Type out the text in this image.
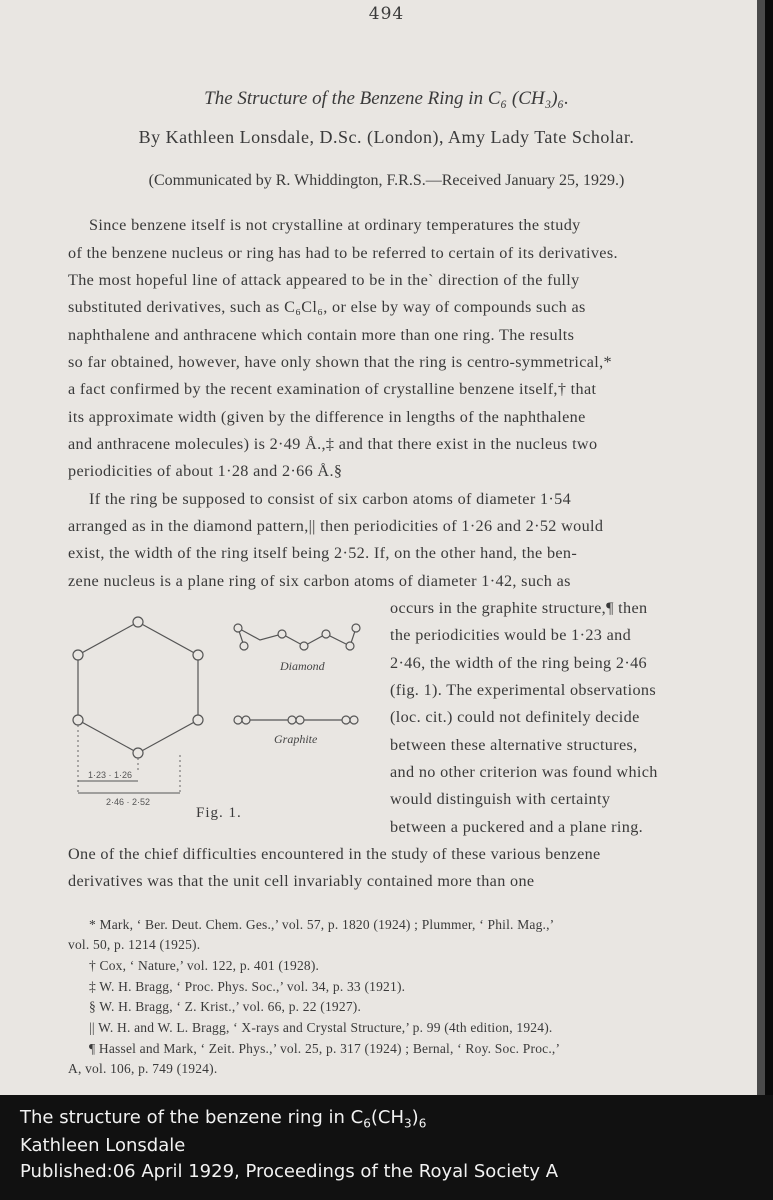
494
The Structure of the Benzene Ring in C₆ (CH₃)₆.
By Kathleen Lonsdale, D.Sc. (London), Amy Lady Tate Scholar.
(Communicated by R. Whiddington, F.R.S.—Received January 25, 1929.)
Since benzene itself is not crystalline at ordinary temperatures the study
of the benzene nucleus or ring has had to be referred to certain of its derivatives.
The most hopeful line of attack appeared to be in the` direction of the fully
substituted derivatives, such as C₆Cl₆, or else by way of compounds such as
naphthalene and anthracene which contain more than one ring. The results
so far obtained, however, have only shown that the ring is centro-symmetrical,*
a fact confirmed by the recent examination of crystalline benzene itself,† that
its approximate width (given by the difference in lengths of the naphthalene
and anthracene molecules) is 2·49 Å.,‡ and that there exist in the nucleus two
periodicities of about 1·28 and 2·66 Å.§
If the ring be supposed to consist of six carbon atoms of diameter 1·54
arranged as in the diamond pattern,|| then periodicities of 1·26 and 2·52 would
exist, the width of the ring itself being 2·52. If, on the other hand, the ben-
zene nucleus is a plane ring of six carbon atoms of diameter 1·42, such as
occurs in the graphite structure,¶ then
the periodicities would be 1·23 and
2·46, the width of the ring being 2·46
(fig. 1). The experimental observations
(loc. cit.) could not definitely decide
between these alternative structures,
and no other criterion was found which
would distinguish with certainty
between a puckered and a plane ring.
One of the chief difficulties encountered in the study of these various benzene
derivatives was that the unit cell invariably contained more than one
1·23 · 1·26
2·46 · 2·52
Diamond
Graphite
Fig. 1.
* Mark, ‘ Ber. Deut. Chem. Ges.,’ vol. 57, p. 1820 (1924) ; Plummer, ‘ Phil. Mag.,’
vol. 50, p. 1214 (1925).
† Cox, ‘ Nature,’ vol. 122, p. 401 (1928).
‡ W. H. Bragg, ‘ Proc. Phys. Soc.,’ vol. 34, p. 33 (1921).
§ W. H. Bragg, ‘ Z. Krist.,’ vol. 66, p. 22 (1927).
|| W. H. and W. L. Bragg, ‘ X-rays and Crystal Structure,’ p. 99 (4th edition, 1924).
¶ Hassel and Mark, ‘ Zeit. Phys.,’ vol. 25, p. 317 (1924) ; Bernal, ‘ Roy. Soc. Proc.,’
A, vol. 106, p. 749 (1924).
The structure of the benzene ring in $C_6(CH_3)_6$
Kathleen Lonsdale
Published:06 April 1929, Proceedings of the Royal Society A
